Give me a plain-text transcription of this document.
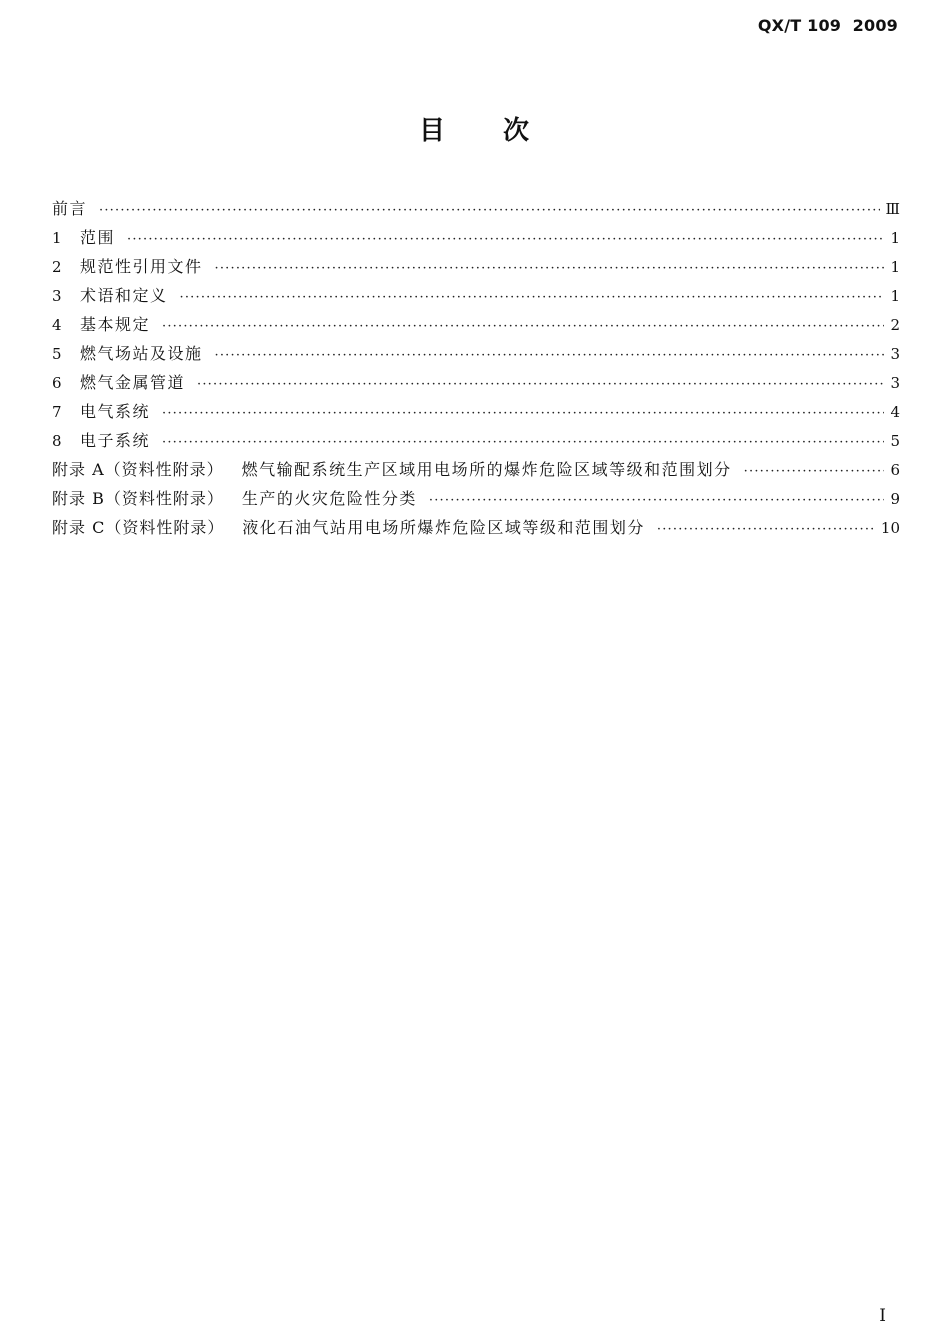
QX/T 109  2009
目 次
前言 ·····	Ⅲ
1	范围 ·····	1
2	规范性引用文件 ·····	1
3	术语和定义 ·····	1
4	基本规定 ·····	2
5	燃气场站及设施 ·····	3
6	燃气金属管道 ·····	3
7	电气系统 ·····	4
8	电子系统 ·····	5
附录 A（资料性附录） 燃气输配系统生产区域用电场所的爆炸危险区域等级和范围划分 ·····	6
附录 B（资料性附录） 生产的火灾危险性分类 ·····	9
附录 C（资料性附录） 液化石油气站用电场所爆炸危险区域等级和范围划分 ·····	10
I
